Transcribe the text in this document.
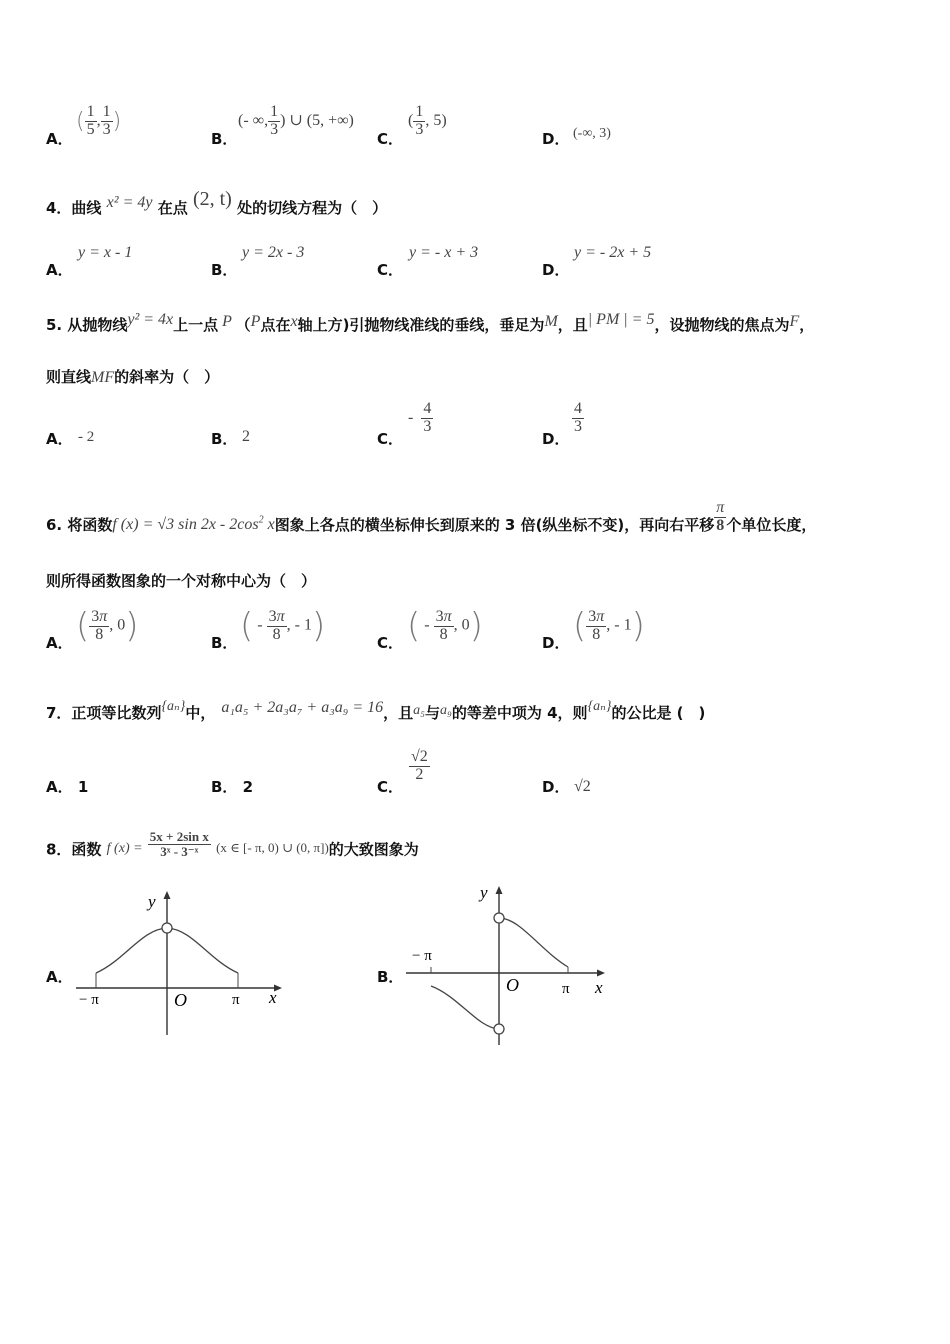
A．
( $\frac{1}{5}$ , $\frac{1}{3}$ )
B．
(- ∞, $\frac{1}{3}$ ) ∪ (5, +∞)
C．
( $\frac{1}{3}$ , 5)
D． (-∞, 3)
4．曲线 x² = 4y 在点 (2, t) 处的切线方程为（　）
A．
y = x - 1
B．
y = 2x - 3
C．
y = - x + 3
D．
y = - 2x + 5
5. 从抛物线y² = 4x上一点 P （P点在x轴上方)引抛物线准线的垂线，垂足为M，且| PM | = 5，设抛物线的焦点为F，
则直线MF的斜率为（　）
A． - 2	B． 2	C．
- $\frac{4}{3}$
D．
$\frac{4}{3}$
6. 将函数f (x) = √3 $\sin 2x - 2\cos^2$ x图象上各点的横坐标伸长到原来的 3 倍(纵坐标不变)，再向右平移 $\frac{\pi}{8}$ 个单位长度，
则所得函数图象的一个对称中心为（　）
A． ( $\frac{3\pi}{8}$ , 0)	B． ( - $\frac{3\pi}{8}$ , - 1)	C． ( - $\frac{3\pi}{8}$ , 0)	D． ( $\frac{3\pi}{8}$ , - 1)
7．正项等比数列{aₙ}中， a₁a₅ + 2a₃a₇ + a₃a₉ = 16，且a₅与a₉的等差中项为 4，则{aₙ}的公比是 (　)
A． 1	B． 2	C．
$\frac{√2}{2}$
D． √2
8．函数 f $(x) = \frac{\text{5x + 2sin x}}{\text{3ˣ - 3⁻ˣ}} (x$ ∈ [- π, 0) ∪ (0, π])的大致图象为
A．
y
x
O
− π	π
B．
y
x
O
− π
π
